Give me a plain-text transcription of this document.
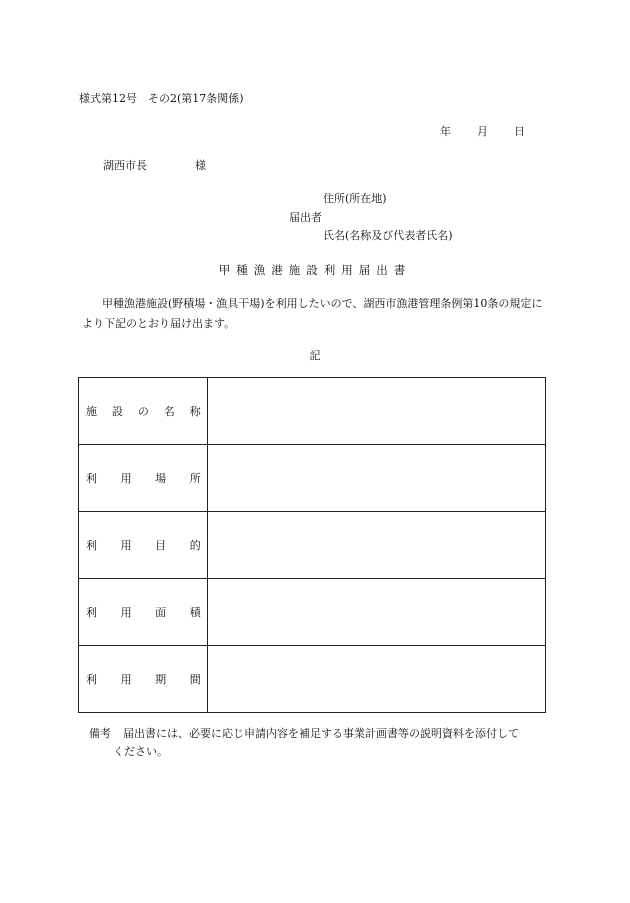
様式第12号　その2(第17条関係)
年 月 日
湖西市長	様
住所(所在地)
届出者
氏名(名称及び代表者氏名)
甲種漁港施設利用届出書
甲種漁港施設(野積場・漁具干場)を利用したいので、湖西市漁港管理条例第10条の規定により下記のとおり届け出ます。
記
施 設 の 名 称	

利 用 場 所	

利 用 目 的	

利 用 面 積	

利 用 期 間	

備考 届出書には、必要に応じ申請内容を補足する事業計画書等の説明資料を添付して
ください。
